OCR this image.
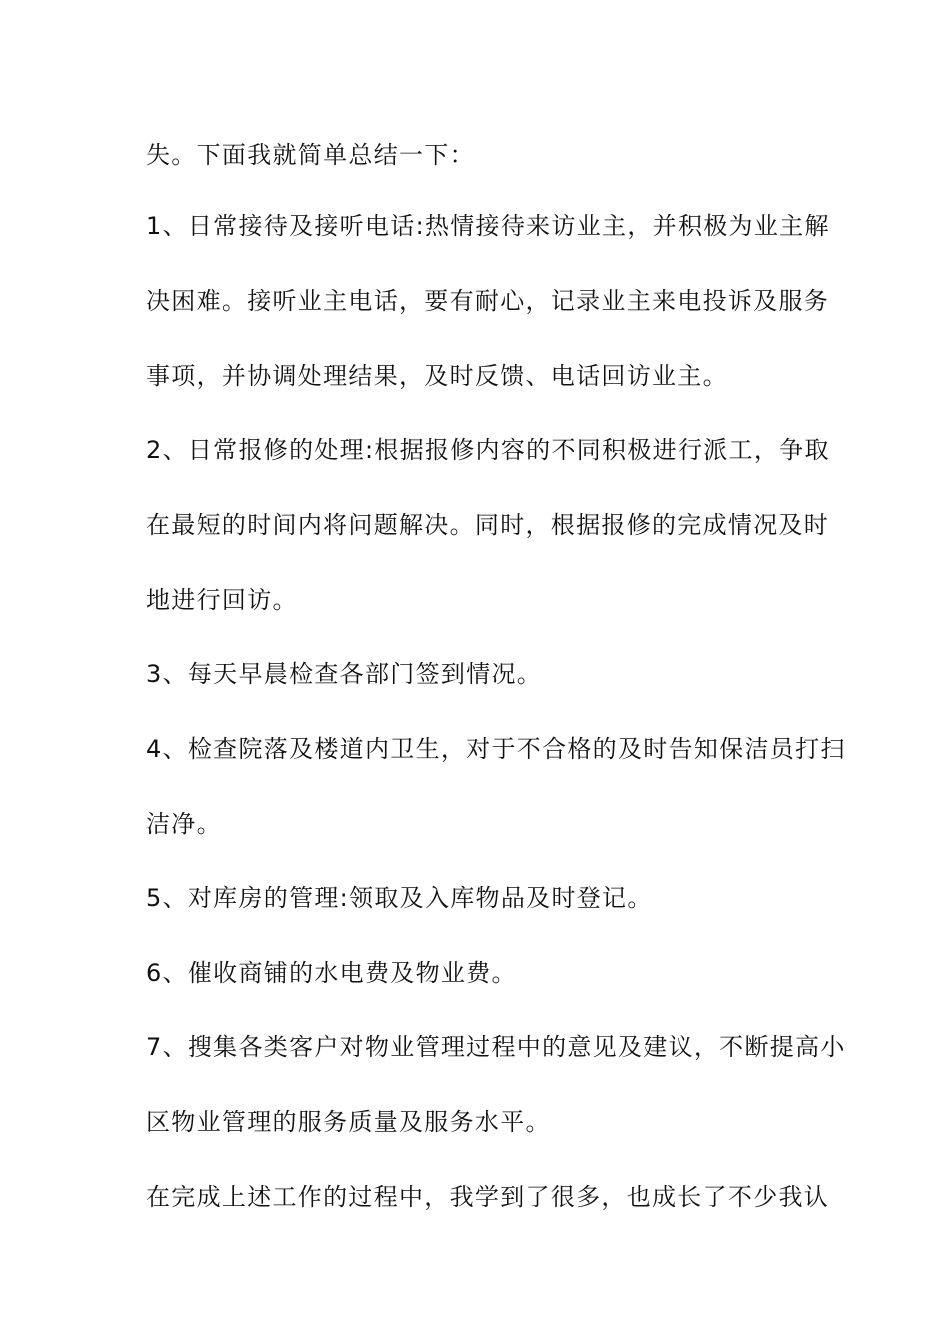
失。下面我就简单总结一下：
1、日常接待及接听电话:热情接待来访业主，并积极为业主解
决困难。接听业主电话，要有耐心，记录业主来电投诉及服务
事项，并协调处理结果，及时反馈、电话回访业主。
2、日常报修的处理:根据报修内容的不同积极进行派工，争取
在最短的时间内将问题解决。同时，根据报修的完成情况及时
地进行回访。
3、每天早晨检查各部门签到情况。
4、检查院落及楼道内卫生，对于不合格的及时告知保洁员打扫
洁净。
5、对库房的管理:领取及入库物品及时登记。
6、催收商铺的水电费及物业费。
7、搜集各类客户对物业管理过程中的意见及建议，不断提高小
区物业管理的服务质量及服务水平。
在完成上述工作的过程中，我学到了很多，也成长了不少我认
